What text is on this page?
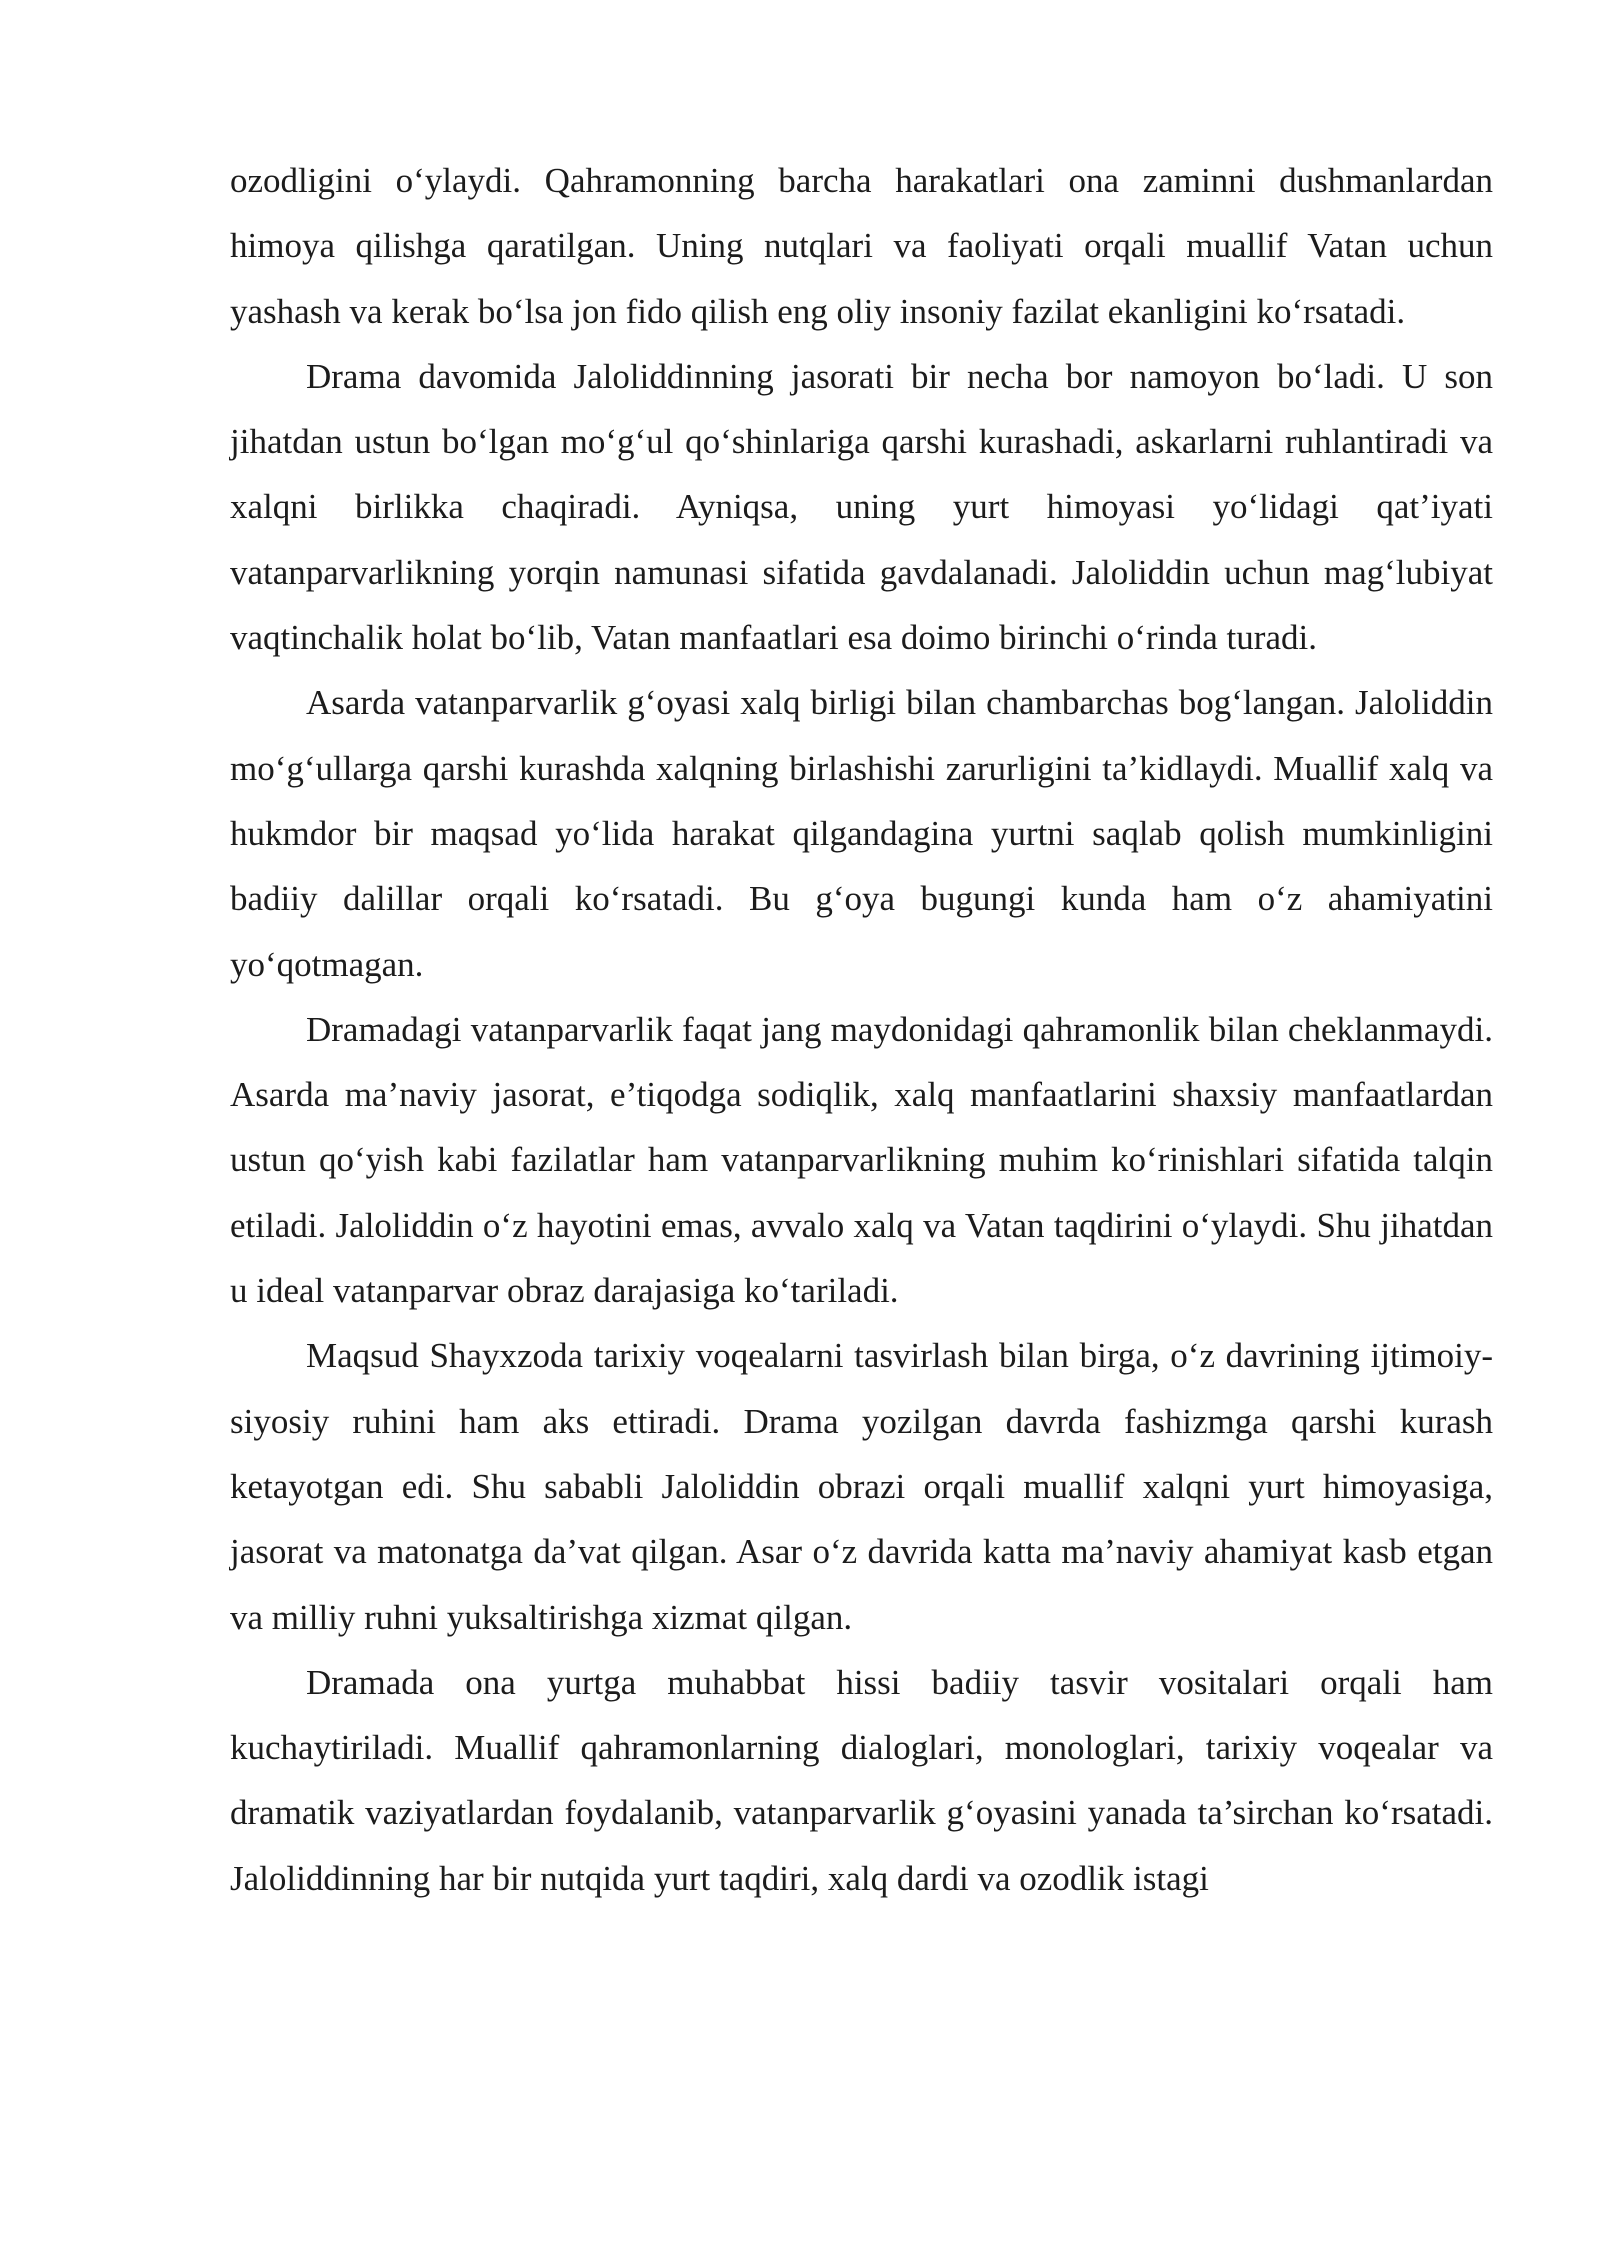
ozodligini o‘ylaydi. Qahramonning barcha harakatlari ona zaminni dushmanlardan himoya qilishga qaratilgan. Uning nutqlari va faoliyati orqali muallif Vatan uchun yashash va kerak bo‘lsa jon fido qilish eng oliy insoniy fazilat ekanligini ko‘rsatadi.

Drama davomida Jaloliddinning jasorati bir necha bor namoyon bo‘ladi. U son jihatdan ustun bo‘lgan mo‘g‘ul qo‘shinlariga qarshi kurashadi, askarlarni ruhlantiradi va xalqni birlikka chaqiradi. Ayniqsa, uning yurt himoyasi yo‘lidagi qat’iyati vatanparvarlikning yorqin namunasi sifatida gavdalanadi. Jaloliddin uchun mag‘lubiyat vaqtinchalik holat bo‘lib, Vatan manfaatlari esa doimo birinchi o‘rinda turadi.

Asarda vatanparvarlik g‘oyasi xalq birligi bilan chambarchas bog‘langan. Jaloliddin mo‘g‘ullarga qarshi kurashda xalqning birlashishi zarurligini ta’kidlaydi. Muallif xalq va hukmdor bir maqsad yo‘lida harakat qilgandagina yurtni saqlab qolish mumkinligini badiiy dalillar orqali ko‘rsatadi. Bu g‘oya bugungi kunda ham o‘z ahamiyatini yo‘qotmagan.

Dramadagi vatanparvarlik faqat jang maydonidagi qahramonlik bilan cheklanmaydi. Asarda ma’naviy jasorat, e’tiqodga sodiqlik, xalq manfaatlarini shaxsiy manfaatlardan ustun qo‘yish kabi fazilatlar ham vatanparvarlikning muhim ko‘rinishlari sifatida talqin etiladi. Jaloliddin o‘z hayotini emas, avvalo xalq va Vatan taqdirini o‘ylaydi. Shu jihatdan u ideal vatanparvar obraz darajasiga ko‘tariladi.

Maqsud Shayxzoda tarixiy voqealarni tasvirlash bilan birga, o‘z davrining ijtimoiy-siyosiy ruhini ham aks ettiradi. Drama yozilgan davrda fashizmga qarshi kurash ketayotgan edi. Shu sababli Jaloliddin obrazi orqali muallif xalqni yurt himoyasiga, jasorat va matonatga da’vat qilgan. Asar o‘z davrida katta ma’naviy ahamiyat kasb etgan va milliy ruhni yuksaltirishga xizmat qilgan.

Dramada ona yurtga muhabbat hissi badiiy tasvir vositalari orqali ham kuchaytiriladi. Muallif qahramonlarning dialoglari, monologlari, tarixiy voqealar va dramatik vaziyatlardan foydalanib, vatanparvarlik g‘oyasini yanada ta’sirchan ko‘rsatadi. Jaloliddinning har bir nutqida yurt taqdiri, xalq dardi va ozodlik istagi
